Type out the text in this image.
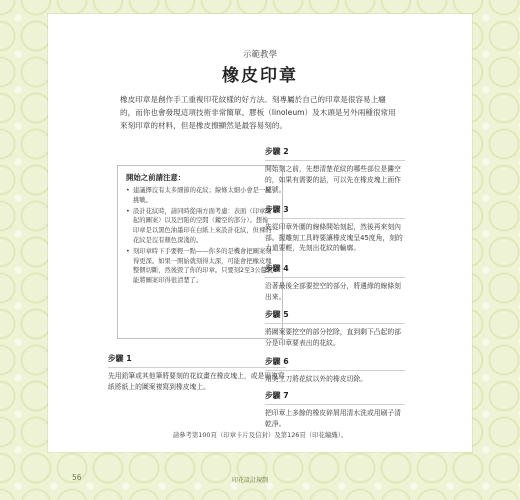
示範教學
橡皮印章

橡皮印章是創作手工重複印花紋樣的好方法。刻專屬於自己的印章是很容易上癮的，而你也會發現這項技術非常簡單。膠板（linoleum）及木頭是另外兩種很常用來刻印章的材料，但是橡皮擦顯然是最容易刻的。

開始之前請注意：
• 建議擇沒有太多細節的花紋；線條太細小會是一種挑戰。
• 設計花紋時，請同時從兩方面考慮：表面（印章隆起的圖案）以及凹陷的空間（鏤空的部分）。想像印章是以黑色油墨印在白紙上來設計花紋，但裸的花紋是沒有顏色深淺的。
• 刻印章時下手要輕一點——你多的是機會把圖案刻得更深。如果一開始就刻得太深，可能會把橡皮塊整個切斷，然後毀了你的印章。只要刻2至3公釐就能將圖案印得很清楚了。
步驟 1
先用鉛筆或其他筆將要刻的花紋畫在橡皮塊上，或是用複寫紙將紙上的圖案複寫到橡皮塊上。
步驟 2
開始刻之前，先想清楚花紋的哪些部位是鏤空的，如果有需要的話，可以先在橡皮塊上面作記號。
步驟 3
先從印章外圍的線條開始刻起，然後再來刻內部。握雕刻工具時要讓橡皮塊呈45度角，刻的力道要輕，先刻出花紋的輪廓。
步驟 4
沿著最後全部要挖空的部分，將邊緣的線條刻出來。
步驟 5
將圖案要挖空的部分挖除，直到剩下凸起的部分是印章要表出的花紋。
步驟 6
用美工刀將花紋以外的橡皮切除。
步驟 7
把印章上多餘的橡皮碎屑用清水洗或用刷子清乾淨。
請參考第100頁（印章卡片及信封）及第126頁（印花編織）。
56	印花設計規劃
